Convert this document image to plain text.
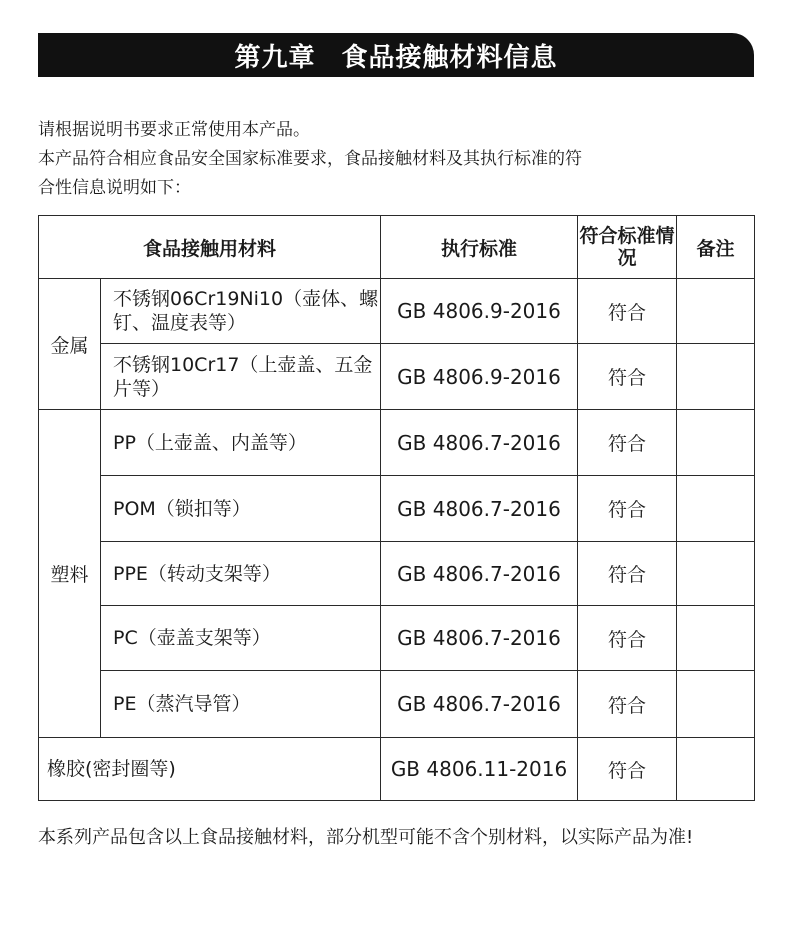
第九章 食品接触材料信息

请根据说明书要求正常使用本产品。

本产品符合相应食品安全国家标准要求，食品接触材料及其执行标准的符

合性信息说明如下：

食品接触用材料		执行标准	符合标准情况	备注
金属	不锈钢06Cr19Ni10（壶体、螺钉、温度表等）	GB 4806.9-2016	符合	
	不锈钢10Cr17（上壶盖、五金片等）	GB 4806.9-2016	符合	
塑料	PP（上壶盖、内盖等）	GB 4806.7-2016	符合	
	POM（锁扣等）	GB 4806.7-2016	符合	
	PPE（转动支架等）	GB 4806.7-2016	符合	
	PC（壶盖支架等）	GB 4806.7-2016	符合	
	PE（蒸汽导管）	GB 4806.7-2016	符合	
橡胶(密封圈等)		GB 4806.11-2016	符合	
本系列产品包含以上食品接触材料，部分机型可能不含个别材料，以实际产品为准!
